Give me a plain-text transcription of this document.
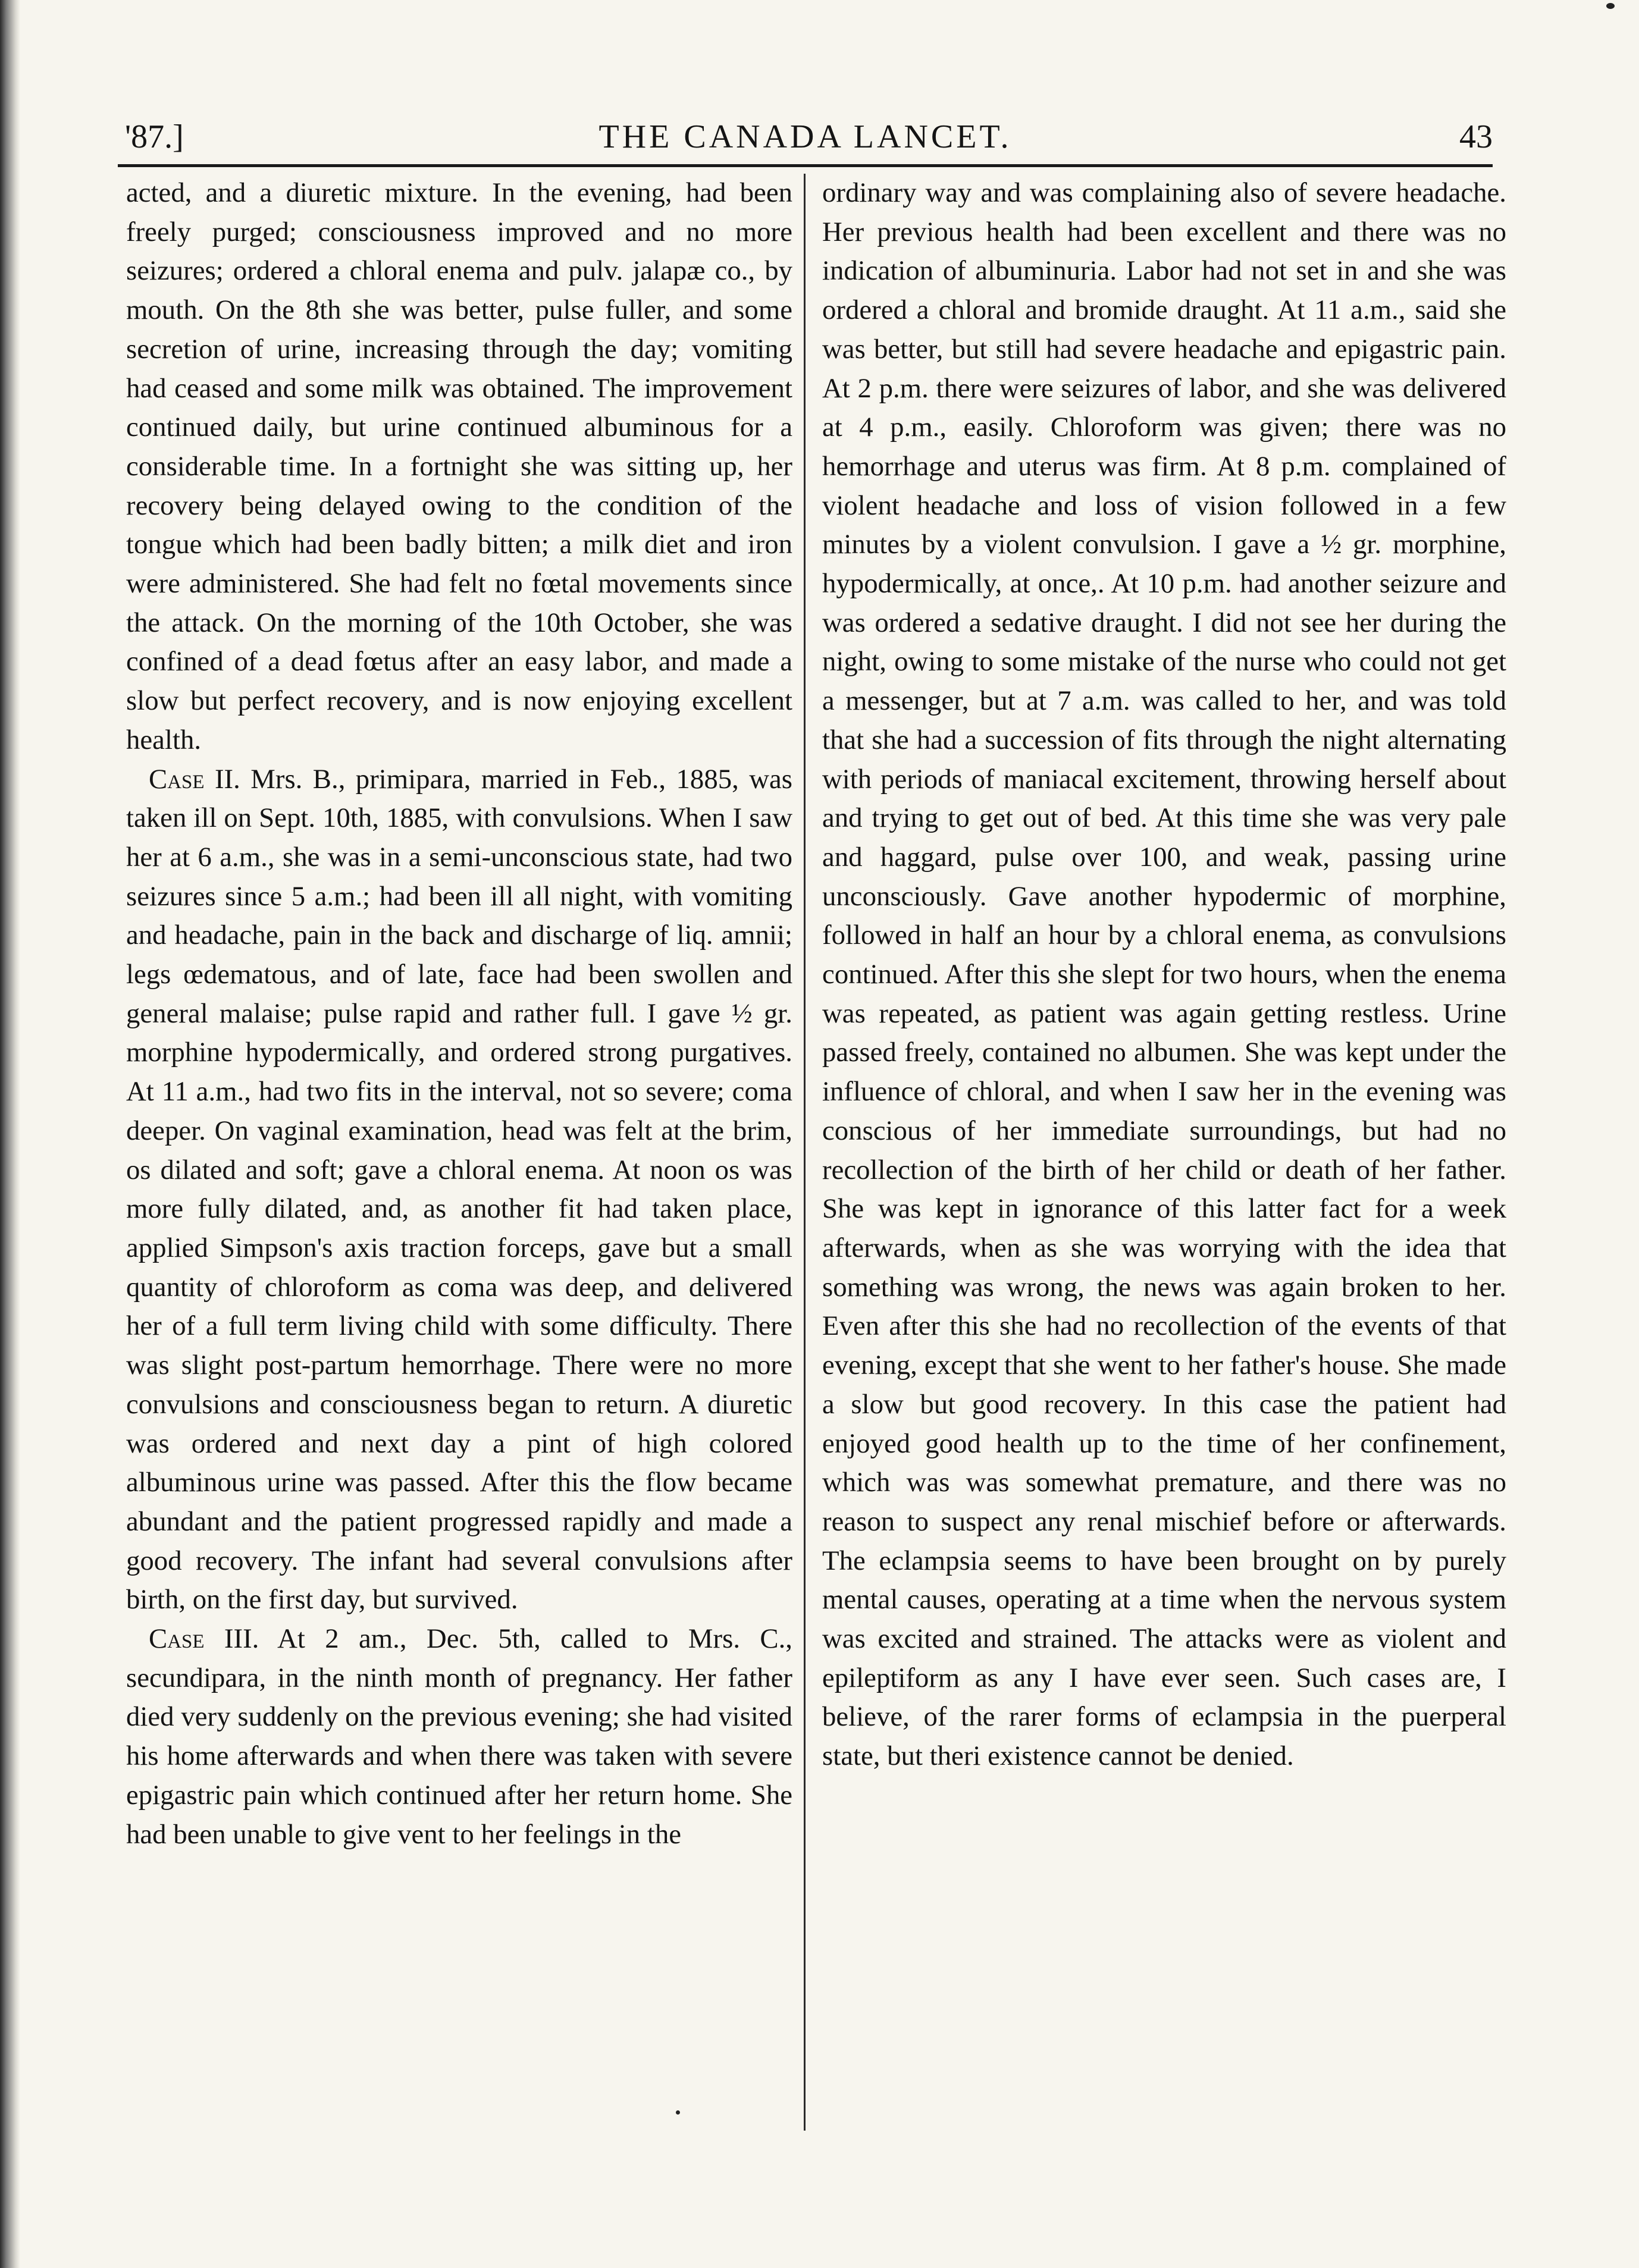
'87.]	THE CANADA LANCET.	43

acted, and a diuretic mixture. In the evening, had been freely purged; consciousness improved and no more seizures; ordered a chloral enema and pulv. jalapæ co., by mouth. On the 8th she was better, pulse fuller, and some secretion of urine, increasing through the day; vomiting had ceased and some milk was obtained. The improvement continued daily, but urine continued albuminous for a considerable time. In a fortnight she was sitting up, her recovery being delayed owing to the condition of the tongue which had been badly bitten; a milk diet and iron were administered. She had felt no fœtal movements since the attack. On the morning of the 10th October, she was confined of a dead fœtus after an easy labor, and made a slow but perfect recovery, and is now enjoying excellent health.

Case II. Mrs. B., primipara, married in Feb., 1885, was taken ill on Sept. 10th, 1885, with convulsions. When I saw her at 6 a.m., she was in a semi-unconscious state, had two seizures since 5 a.m.; had been ill all night, with vomiting and headache, pain in the back and discharge of liq. amnii; legs œdematous, and of late, face had been swollen and general malaise; pulse rapid and rather full. I gave ½ gr. morphine hypodermically, and ordered strong purgatives. At 11 a.m., had two fits in the interval, not so severe; coma deeper. On vaginal examination, head was felt at the brim, os dilated and soft; gave a chloral enema. At noon os was more fully dilated, and, as another fit had taken place, applied Simpson's axis traction forceps, gave but a small quantity of chloroform as coma was deep, and delivered her of a full term living child with some difficulty. There was slight post-partum hemorrhage. There were no more convulsions and consciousness began to return. A diuretic was ordered and next day a pint of high colored albuminous urine was passed. After this the flow became abundant and the patient progressed rapidly and made a good recovery. The infant had several convulsions after birth, on the first day, but survived.

Case III. At 2 am., Dec. 5th, called to Mrs. C., secundipara, in the ninth month of pregnancy. Her father died very suddenly on the previous evening; she had visited his home afterwards and when there was taken with severe epigastric pain which continued after her return home. She had been unable to give vent to her feelings in the

ordinary way and was complaining also of severe headache. Her previous health had been excellent and there was no indication of albuminuria. Labor had not set in and she was ordered a chloral and bromide draught. At 11 a.m., said she was better, but still had severe headache and epigastric pain. At 2 p.m. there were seizures of labor, and she was delivered at 4 p.m., easily. Chloroform was given; there was no hemorrhage and uterus was firm. At 8 p.m. complained of violent headache and loss of vision followed in a few minutes by a violent convulsion. I gave a ½ gr. morphine, hypodermically, at once,. At 10 p.m. had another seizure and was ordered a sedative draught. I did not see her during the night, owing to some mistake of the nurse who could not get a messenger, but at 7 a.m. was called to her, and was told that she had a succession of fits through the night alternating with periods of maniacal excitement, throwing herself about and trying to get out of bed. At this time she was very pale and haggard, pulse over 100, and weak, passing urine unconsciously. Gave another hypodermic of morphine, followed in half an hour by a chloral enema, as convulsions continued. After this she slept for two hours, when the enema was repeated, as patient was again getting restless. Urine passed freely, contained no albumen. She was kept under the influence of chloral, and when I saw her in the evening was conscious of her immediate surroundings, but had no recollection of the birth of her child or death of her father. She was kept in ignorance of this latter fact for a week afterwards, when as she was worrying with the idea that something was wrong, the news was again broken to her. Even after this she had no recollection of the events of that evening, except that she went to her father's house. She made a slow but good recovery. In this case the patient had enjoyed good health up to the time of her confinement, which was was somewhat premature, and there was no reason to suspect any renal mischief before or afterwards. The eclampsia seems to have been brought on by purely mental causes, operating at a time when the nervous system was excited and strained. The attacks were as violent and epileptiform as any I have ever seen. Such cases are, I believe, of the rarer forms of eclampsia in the puerperal state, but theri existence cannot be denied.
